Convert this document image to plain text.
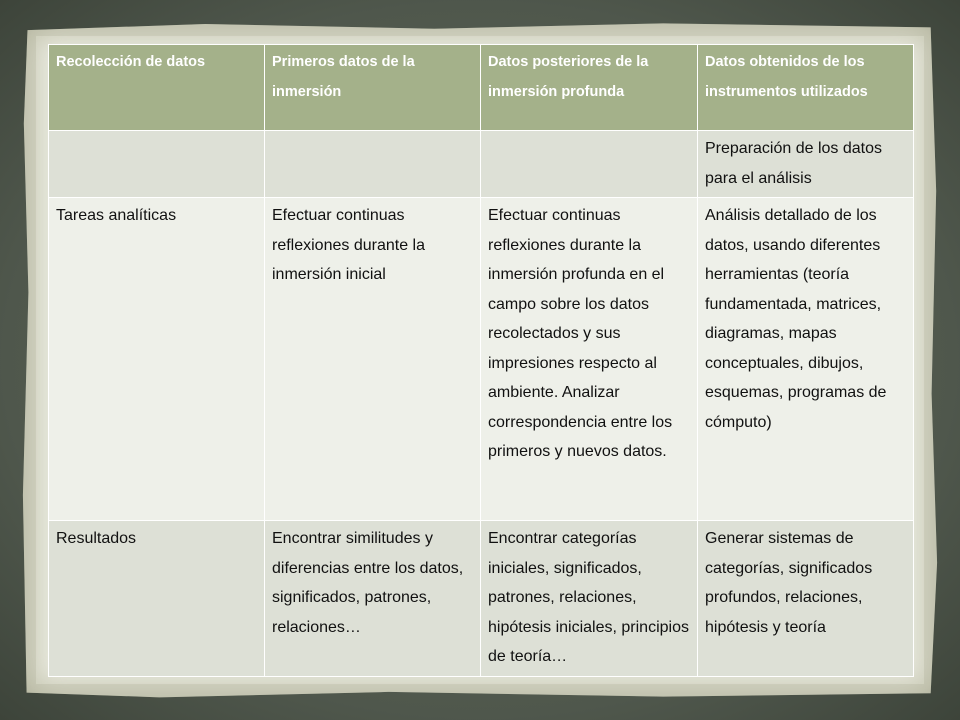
Recolección de datos	Primeros datos de la inmersión	Datos posteriores de la inmersión profunda	Datos obtenidos de los instrumentos utilizados
			Preparación de los datos para el análisis
Tareas analíticas	Efectuar continuas reflexiones durante la inmersión inicial	Efectuar continuas reflexiones durante la inmersión profunda en el campo sobre los datos recolectados y sus impresiones respecto al ambiente. Analizar correspondencia entre los primeros y nuevos datos.	Análisis detallado de los datos, usando diferentes herramientas (teoría fundamentada, matrices, diagramas, mapas conceptuales, dibujos, esquemas, programas de cómputo)
Resultados	Encontrar similitudes y diferencias entre los datos, significados, patrones, relaciones…	Encontrar categorías iniciales, significados, patrones, relaciones, hipótesis iniciales, principios de teoría…	Generar sistemas de categorías, significados profundos, relaciones, hipótesis y teoría
